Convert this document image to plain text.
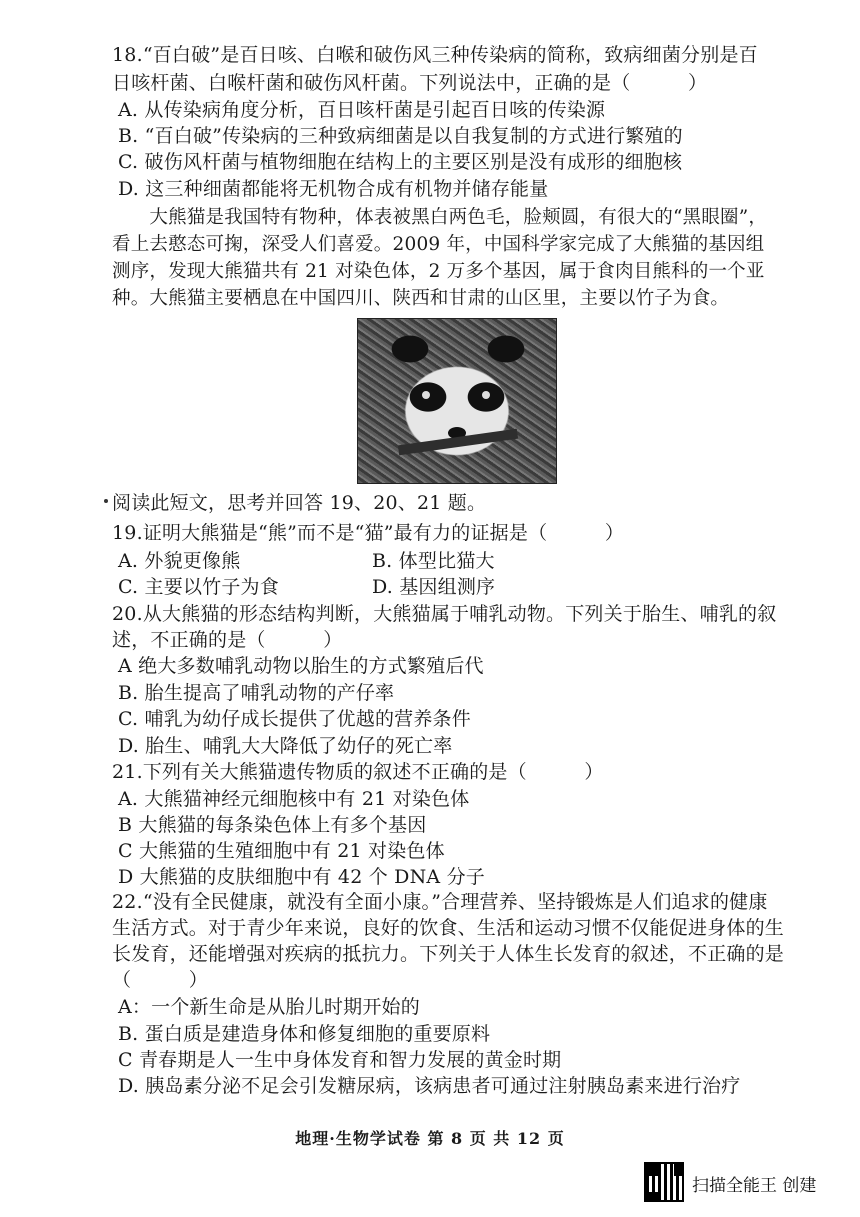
18.“百白破”是百日咳、白喉和破伤风三种传染病的简称，致病细菌分别是百
日咳杆菌、白喉杆菌和破伤风杆菌。下列说法中，正确的是（　　　）
A. 从传染病角度分析，百日咳杆菌是引起百日咳的传染源
B. “百白破”传染病的三种致病细菌是以自我复制的方式进行繁殖的
C. 破伤风杆菌与植物细胞在结构上的主要区别是没有成形的细胞核
D. 这三种细菌都能将无机物合成有机物并储存能量
　　大熊猫是我国特有物种，体表被黑白两色毛，脸颊圆，有很大的“黑眼圈”，
看上去憨态可掬，深受人们喜爱。2009 年，中国科学家完成了大熊猫的基因组
测序，发现大熊猫共有 21 对染色体，2 万多个基因，属于食肉目熊科的一个亚
种。大熊猫主要栖息在中国四川、陕西和甘肃的山区里，主要以竹子为食。
阅读此短文，思考并回答 19、20、21 题。
19.证明大熊猫是“熊”而不是“猫”最有力的证据是（　　　）
A. 外貌更像熊	B. 体型比猫大
C. 主要以竹子为食	D. 基因组测序
20.从大熊猫的形态结构判断，大熊猫属于哺乳动物。下列关于胎生、哺乳的叙
述，不正确的是（　　　）
A 绝大多数哺乳动物以胎生的方式繁殖后代
B. 胎生提高了哺乳动物的产仔率
C. 哺乳为幼仔成长提供了优越的营养条件
D. 胎生、哺乳大大降低了幼仔的死亡率
21.下列有关大熊猫遗传物质的叙述不正确的是（　　　）
A. 大熊猫神经元细胞核中有 21 对染色体
B 大熊猫的每条染色体上有多个基因
C 大熊猫的生殖细胞中有 21 对染色体
D 大熊猫的皮肤细胞中有 42 个 DNA 分子
22.“没有全民健康，就没有全面小康。”合理营养、坚持锻炼是人们追求的健康
生活方式。对于青少年来说，良好的饮食、生活和运动习惯不仅能促进身体的生
长发育，还能增强对疾病的抵抗力。下列关于人体生长发育的叙述，不正确的是
（　　　）
A：一个新生命是从胎儿时期开始的
B. 蛋白质是建造身体和修复细胞的重要原料
C 青春期是人一生中身体发育和智力发展的黄金时期
D. 胰岛素分泌不足会引发糖尿病，该病患者可通过注射胰岛素来进行治疗
地理·生物学试卷 第 8 页 共 12 页
扫描全能王 创建
